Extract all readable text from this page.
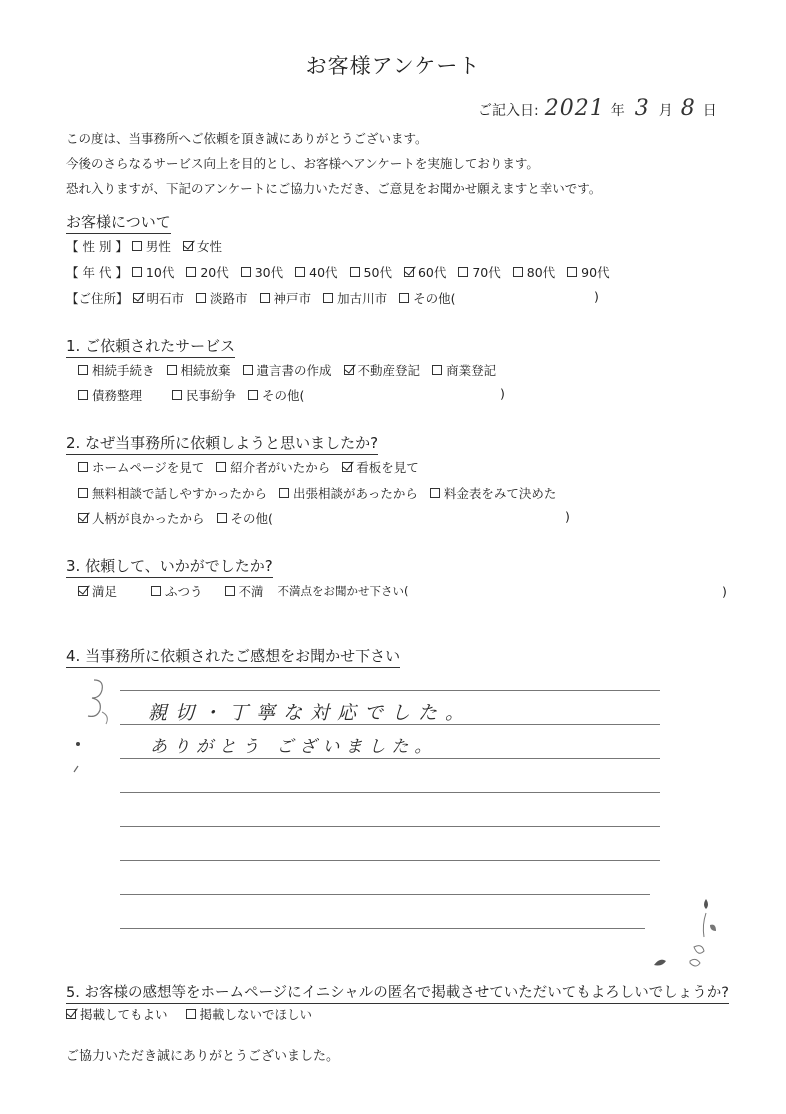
お客様アンケート
ご記入日: 2021 年 3 月 8 日
この度は、当事務所へご依頼を頂き誠にありがとうございます。
今後のさらなるサービス向上を目的とし、お客様へアンケートを実施しております。
恐れ入りますが、下記のアンケートにご協力いただき、ご意見をお聞かせ願えますと幸いです。
お客様について
【 性 別 】 男性 女性
【 年 代 】 10代 20代 30代 40代 50代 60代 70代 80代 90代
【ご住所】 明石市 淡路市 神戸市 加古川市 その他(	)
1. ご依頼されたサービス
相続手続き 相続放棄 遺言書の作成 不動産登記 商業登記
債務整理	民事紛争 その他(	)
2. なぜ当事務所に依頼しようと思いましたか?
ホームページを見て 紹介者がいたから 看板を見て
無料相談で話しやすかったから 出張相談があったから 料金表をみて決めた
人柄が良かったから その他(	)
3. 依頼して、いかがでしたか?
満足	ふつう	不満 不満点をお聞かせ下さい(	)
4. 当事務所に依頼されたご感想をお聞かせ下さい
親切・丁寧な対応でした。
ありがとう ございました。
5. お客様の感想等をホームページにイニシャルの匿名で掲載させていただいてもよろしいでしょうか?
掲載してもよい	掲載しないでほしい
ご協力いただき誠にありがとうございました。
